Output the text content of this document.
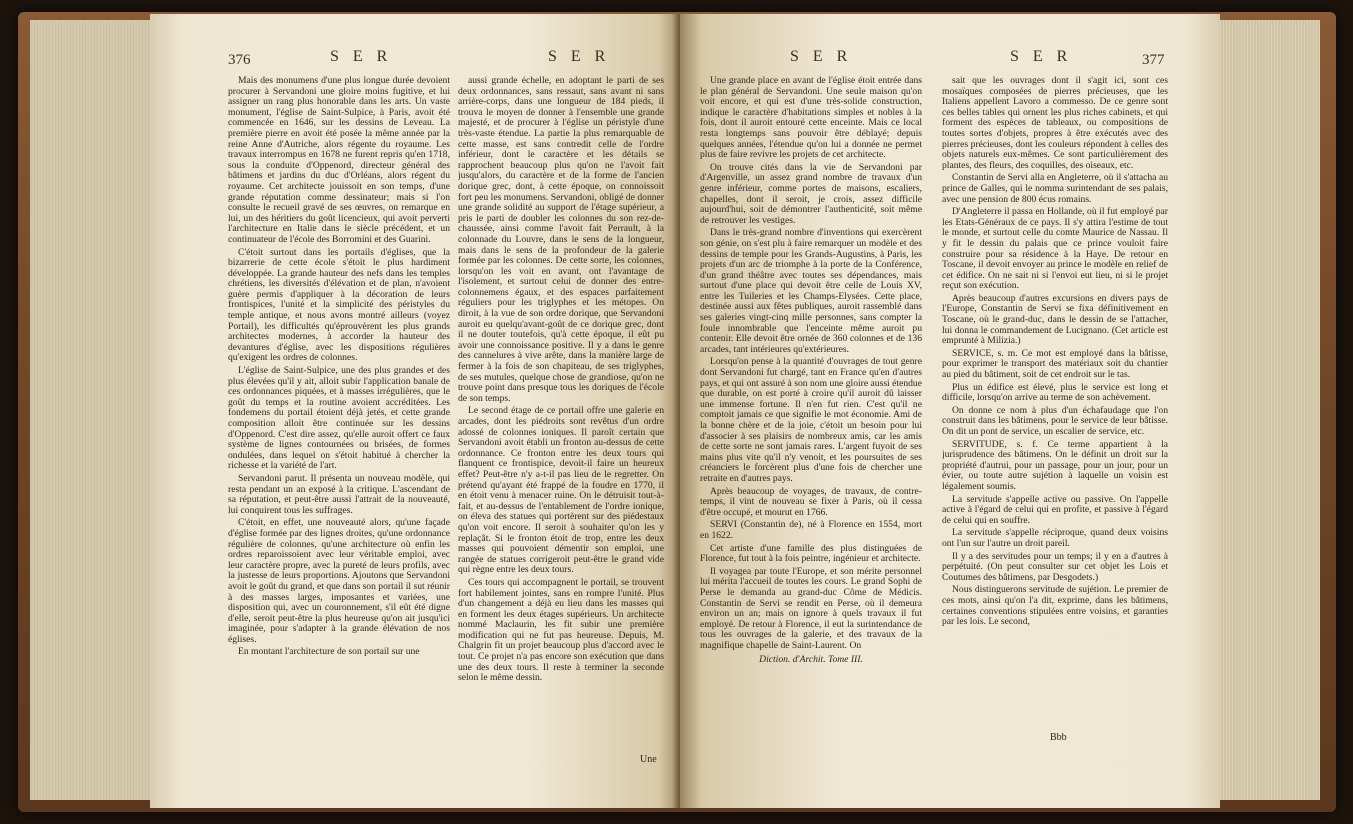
376	S E R	S E R

Mais des monumens d'une plus longue durée devoient procurer à Servandoni une gloire moins fugitive, et lui assigner un rang plus honorable dans les arts. Un vaste monument, l'église de Saint-Sulpice, à Paris, avoit été commencée en 1646, sur les dessins de Leveau. La première pierre en avoit été posée la même année par la reine Anne d'Autriche, alors régente du royaume. Les travaux interrompus en 1678 ne furent repris qu'en 1718, sous la conduite d'Oppenord, directeur général des bâtimens et jardins du duc d'Orléans, alors régent du royaume. Cet architecte jouissoit en son temps, d'une grande réputation comme dessinateur; mais si l'on consulte le recueil gravé de ses œuvres, on remarque en lui, un des héritiers du goût licencieux, qui avoit perverti l'architecture en Italie dans le siècle précédent, et un continuateur de l'école des Borromini et des Guarini.

C'étoit surtout dans les portails d'églises, que la bizarrerie de cette école s'étoit le plus hardiment développée. La grande hauteur des nefs dans les temples chrétiens, les diversités d'élévation et de plan, n'avoient guère permis d'appliquer à la décoration de leurs frontispices, l'unité et la simplicité des péristyles du temple antique, et nous avons montré ailleurs (voyez Portail), les difficultés qu'éprouvèrent les plus grands architectes modernes, à accorder la hauteur des devantures d'église, avec les dispositions régulières qu'exigent les ordres de colonnes.

L'église de Saint-Sulpice, une des plus grandes et des plus élevées qu'il y ait, alloit subir l'application banale de ces ordonnances piquées, et à masses irrégulières, que le goût du temps et la routine avoient accréditées. Les fondemens du portail étoient déjà jetés, et cette grande composition alloit être continuée sur les dessins d'Oppenord. C'est dire assez, qu'elle auroit offert ce faux système de lignes contournées ou brisées, de formes ondulées, dans lequel on s'étoit habitué à chercher la richesse et la variété de l'art.

Servandoni parut. Il présenta un nouveau modèle, qui resta pendant un an exposé à la critique. L'ascendant de sa réputation, et peut-être aussi l'attrait de la nouveauté, lui conquirent tous les suffrages.

C'étoit, en effet, une nouveauté alors, qu'une façade d'église formée par des lignes droites, qu'une ordonnance régulière de colonnes, qu'une architecture où enfin les ordres reparoissoient avec leur véritable emploi, avec leur caractère propre, avec la pureté de leurs profils, avec la justesse de leurs proportions. Ajoutons que Servandoni avoit le goût du grand, et que dans son portail il sut réunir à des masses larges, imposantes et variées, une disposition qui, avec un couronnement, s'il eût été digne d'elle, seroit peut-être la plus heureuse qu'on ait jusqu'ici imaginée, pour s'adapter à la grande élévation de nos églises.

En montant l'architecture de son portail sur une

aussi grande échelle, en adoptant le parti de ses deux ordonnances, sans ressaut, sans avant ni sans arrière-corps, dans une longueur de 184 pieds, il trouva le moyen de donner à l'ensemble une grande majesté, et de procurer à l'église un péristyle d'une très-vaste étendue. La partie la plus remarquable de cette masse, est sans contredit celle de l'ordre inférieur, dont le caractère et les détails se rapprochent beaucoup plus qu'on ne l'avoit fait jusqu'alors, du caractère et de la forme de l'ancien dorique grec, dont, à cette époque, on connoissoit fort peu les monumens. Servandoni, obligé de donner une grande solidité au support de l'étage supérieur, a pris le parti de doubler les colonnes du son rez-de-chaussée, ainsi comme l'avoit fait Perrault, à la colonnade du Louvre, dans le sens de la longueur, mais dans le sens de la profondeur de la galerie formée par les colonnes. De cette sorte, les colonnes, lorsqu'on les voit en avant, ont l'avantage de l'isolement, et surtout celui de donner des entre-colonnemens égaux, et des espaces parfaitement réguliers pour les triglyphes et les métopes. On diroit, à la vue de son ordre dorique, que Servandoni auroit eu quelqu'avant-goût de ce dorique grec, dont il ne douter toutefois, qu'à cette époque, il eût pu avoir une connoissance positive. Il y a dans le genre des cannelures à vive arête, dans la manière large de fermer à la fois de son chapiteau, de ses triglyphes, de ses mutules, quelque chose de grandiose, qu'on ne trouve point dans presque tous les doriques de l'école de son temps.

Le second étage de ce portail offre une galerie en arcades, dont les piédroits sont revêtus d'un ordre adossé de colonnes ioniques. Il paroît certain que Servandoni avoit établi un fronton au-dessus de cette ordonnance. Ce fronton entre les deux tours qui flanquent ce frontispice, devoit-il faire un heureux effet? Peut-être n'y a-t-il pas lieu de le regretter. On prétend qu'ayant été frappé de la foudre en 1770, il en étoit venu à menacer ruine. On le détruisit tout-à-fait, et au-dessus de l'entablement de l'ordre ionique, on éleva des statues qui portèrent sur des piédestaux qu'on voit encore. Il seroit à souhaiter qu'on les y replaçât. Si le fronton étoit de trop, entre les deux masses qui pouvoient démentir son emploi, une rangée de statues corrigeroit peut-être le grand vide qui règne entre les deux tours.

Ces tours qui accompagnent le portail, se trouvent fort habilement jointes, sans en rompre l'unité. Plus d'un changement a déjà eu lieu dans les masses qui en forment les deux étages supérieurs. Un architecte nommé Maclaurin, les fit subir une première modification qui ne fut pas heureuse. Depuis, M. Chalgrin fit un projet beaucoup plus d'accord avec le tout. Ce projet n'a pas encore son exécution que dans une des deux tours. Il reste à terminer la seconde selon le même dessin.

Une
S E R	S E R	377

Une grande place en avant de l'église étoit entrée dans le plan général de Servandoni. Une seule maison qu'on voit encore, et qui est d'une très-solide construction, indique le caractère d'habitations simples et nobles à la fois, dont il auroit entouré cette enceinte. Mais ce local resta longtemps sans pouvoir être déblayé; depuis quelques années, l'étendue qu'on lui a donnée ne permet plus de faire revivre les projets de cet architecte.

On trouve cités dans la vie de Servandoni par d'Argenville, un assez grand nombre de travaux d'un genre inférieur, comme portes de maisons, escaliers, chapelles, dont il seroit, je crois, assez difficile aujourd'hui, soit de démontrer l'authenticité, soit même de retrouver les vestiges.

Dans le très-grand nombre d'inventions qui exercèrent son génie, on s'est plu à faire remarquer un modèle et des dessins de temple pour les Grands-Augustins, à Paris, les projets d'un arc de triomphe à la porte de la Conférence, d'un grand théâtre avec toutes ses dépendances, mais surtout d'une place qui devoit être celle de Louis XV, entre les Tuileries et les Champs-Elysées. Cette place, destinée aussi aux fêtes publiques, auroit rassemblé dans ses galeries vingt-cinq mille personnes, sans compter la foule innombrable que l'enceinte même auroit pu contenir. Elle devoit être ornée de 360 colonnes et de 136 arcades, tant intérieures qu'extérieures.

Lorsqu'on pense à la quantité d'ouvrages de tout genre dont Servandoni fut chargé, tant en France qu'en d'autres pays, et qui ont assuré à son nom une gloire aussi étendue que durable, on est porté à croire qu'il auroit dû laisser une immense fortune. Il n'en fut rien. C'est qu'il ne comptoit jamais ce que signifie le mot économie. Ami de la bonne chère et de la joie, c'étoit un besoin pour lui d'associer à ses plaisirs de nombreux amis, car les amis de cette sorte ne sont jamais rares. L'argent fuyoit de ses mains plus vite qu'il n'y venoit, et les poursuites de ses créanciers le forcèrent plus d'une fois de chercher une retraite en d'autres pays.

Après beaucoup de voyages, de travaux, de contre-temps, il vint de nouveau se fixer à Paris, où il cessa d'être occupé, et mourut en 1766.

SERVI (Constantin de), né à Florence en 1554, mort en 1622.

Cet artiste d'une famille des plus distinguées de Florence, fut tout à la fois peintre, ingénieur et architecte.

Il voyagea par toute l'Europe, et son mérite personnel lui mérita l'accueil de toutes les cours. Le grand Sophi de Perse le demanda au grand-duc Côme de Médicis. Constantin de Servi se rendit en Perse, où il demeura environ un an; mais on ignore à quels travaux il fut employé. De retour à Florence, il eut la surintendance de tous les ouvrages de la galerie, et des travaux de la magnifique chapelle de Saint-Laurent. On

Diction. d'Archit. Tome III.

sait que les ouvrages dont il s'agit ici, sont ces mosaïques composées de pierres précieuses, que les Italiens appellent Lavoro a commesso. De ce genre sont ces belles tables qui ornent les plus riches cabinets, et qui forment des espèces de tableaux, ou compositions de toutes sortes d'objets, propres à être exécutés avec des pierres précieuses, dont les couleurs répondent à celles des objets naturels eux-mêmes. Ce sont particulièrement des plantes, des fleurs, des coquilles, des oiseaux, etc.

Constantin de Servi alla en Angleterre, où il s'attacha au prince de Galles, qui le nomma surintendant de ses palais, avec une pension de 800 écus romains.

D'Angleterre il passa en Hollande, où il fut employé par les Etats-Généraux de ce pays. Il s'y attira l'estime de tout le monde, et surtout celle du comte Maurice de Nassau. Il y fit le dessin du palais que ce prince vouloit faire construire pour sa résidence à la Haye. De retour en Toscane, il devoit envoyer au prince le modèle en relief de cet édifice. On ne sait ni si l'envoi eut lieu, ni si le projet reçut son exécution.

Après beaucoup d'autres excursions en divers pays de l'Europe, Constantin de Servi se fixa définitivement en Toscane, où le grand-duc, dans le dessin de se l'attacher, lui donna le commandement de Lucignano. (Cet article est emprunté à Milizia.)

SERVICE, s. m. Ce mot est employé dans la bâtisse, pour exprimer le transport des matériaux soit du chantier au pied du bâtiment, soit de cet endroit sur le tas.

Plus un édifice est élevé, plus le service est long et difficile, lorsqu'on arrive au terme de son achèvement.

On donne ce nom à plus d'un échafaudage que l'on construit dans les bâtimens, pour le service de leur bâtisse. On dit un pont de service, un escalier de service, etc.

SERVITUDE, s. f. Ce terme appartient à la jurisprudence des bâtimens. On le définit un droit sur la propriété d'autrui, pour un passage, pour un jour, pour un évier, ou toute autre sujétion à laquelle un voisin est légalement soumis.

La servitude s'appelle active ou passive. On l'appelle active à l'égard de celui qui en profite, et passive à l'égard de celui qui en souffre.

La servitude s'appelle réciproque, quand deux voisins ont l'un sur l'autre un droit pareil.

Il y a des servitudes pour un temps; il y en a d'autres à perpétuité. (On peut consulter sur cet objet les Lois et Coutumes des bâtimens, par Desgodets.)

Nous distinguerons servitude de sujétion. Le premier de ces mots, ainsi qu'on l'a dit, exprime, dans les bâtimens, certaines conventions stipulées entre voisins, et garanties par les lois. Le second,

Bbb
